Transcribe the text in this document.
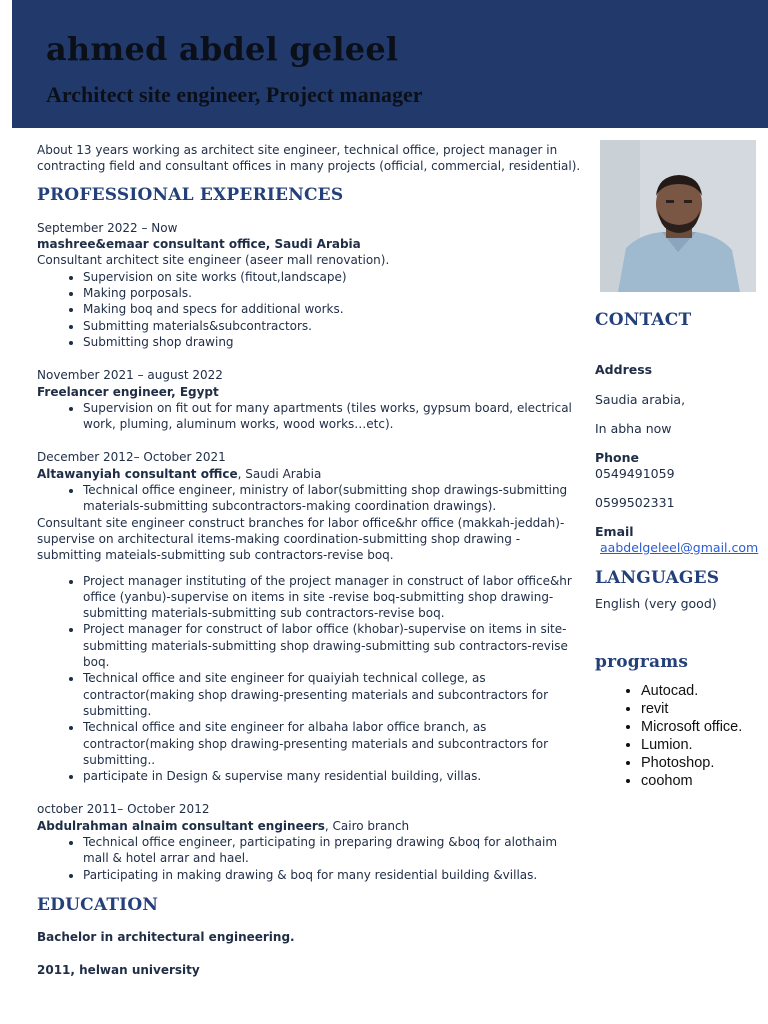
ahmed abdel geleel
Architect site engineer, Project manager

About 13 years working as architect site engineer, technical office, project manager in contracting field and consultant offices in many projects (official, commercial, residential).

PROFESSIONAL EXPERIENCES

September 2022 – Now

mashree&emaar consultant office, Saudi Arabia

Consultant architect site engineer (aseer mall renovation).

• Supervision on site works (fitout,landscape)
• Making porposals.
• Making boq and specs for additional works.
• Submitting materials&subcontractors.
• Submitting shop drawing

November 2021 – august 2022

Freelancer engineer, Egypt

• Supervision on fit out for many apartments (tiles works, gypsum board, electrical work, pluming, aluminum works, wood works…etc).

December 2012– October 2021

Altawanyiah consultant office, Saudi Arabia

• Technical office engineer, ministry of labor(submitting shop drawings-submitting materials-submitting subcontractors-making coordination drawings).

Consultant site engineer construct branches for labor office&hr office (makkah-jeddah)- supervise on architectural items-making coordination-submitting shop drawing -submitting mateials-submitting sub contractors-revise boq.

• Project manager instituting of the project manager in construct of labor office&hr office (yanbu)-supervise on items in site -revise boq-submitting shop drawing-submitting materials-submitting sub contractors-revise boq.
• Project manager for construct of labor office (khobar)-supervise on items in site-submitting materials-submitting shop drawing-submitting sub contractors-revise boq.
• Technical office and site engineer for quaiyiah technical college, as contractor(making shop drawing-presenting materials and subcontractors for submitting.
• Technical office and site engineer for albaha labor office branch, as contractor(making shop drawing-presenting materials and subcontractors for submitting..
• participate in Design & supervise many residential building, villas.

october 2011– October 2012

Abdulrahman alnaim consultant engineers, Cairo branch

• Technical office engineer, participating in preparing drawing &boq for alothaim mall & hotel arrar and hael.
• Participating in making drawing & boq for many residential building &villas.
EDUCATION

Bachelor in architectural engineering.

2011, helwan university

CONTACT

Address

Saudia arabia,

In abha now

Phone

0549491059

0599502331

Email

aabdelgeleel@gmail.com

LANGUAGES

English (very good)

programs
• Autocad.
• revit
• Microsoft office.
• Lumion.
• Photoshop.
• coohom
